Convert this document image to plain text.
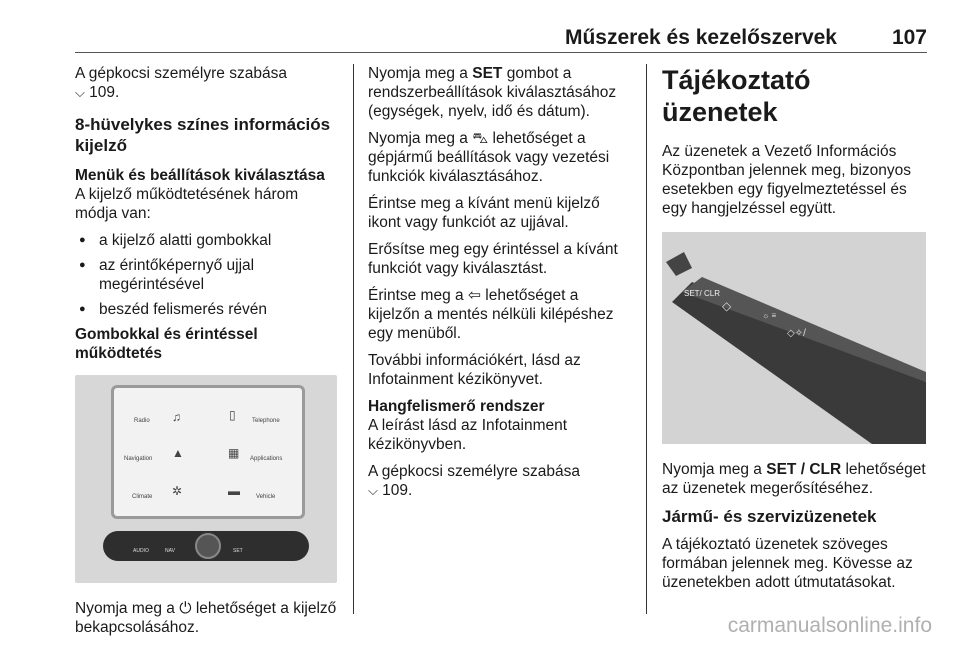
Műszerek és kezelőszervek	107

A gépkocsi személyre szabása
⌵ 109.

8-hüvelykes színes információs kijelző
Menük és beállítások kiválasztása

A kijelző működtetésének három módja van:

● a kijelző alatti gombokkal
● az érintőképernyő ujjal megérintésével
● beszéd felismerés révén
Gombokkal és érintéssel működtetés
Radio ♫	▯	Telephone
Navigation ▲	▦ Applications
Climate ✲	▬	Vehicle
AUDIO	NAV	SET

Nyomja meg a ⏻ lehetőséget a kijelző bekapcsolásához.

Nyomja meg a SET gombot a rendszerbeállítások kiválasztásához (egységek, nyelv, idő és dátum).

Nyomja meg a ⛍ lehetőséget a gépjármű beállítások vagy vezetési funkciók kiválasztásához.

Érintse meg a kívánt menü kijelző ikont vagy funkciót az ujjával.

Erősítse meg egy érintéssel a kívánt funkciót vagy kiválasztást.

Érintse meg a ⇦ lehetőséget a kijelzőn a mentés nélküli kilépéshez egy menüből.

További információkért, lásd az Infotainment kézikönyvet.

Hangfelismerő rendszer

A leírást lásd az Infotainment kézikönyvben.

A gépkocsi személyre szabása
⌵ 109.

Tájékoztató üzenetek

Az üzenetek a Vezető Információs Központban jelennek meg, bizonyos esetekben egy figyelmeztetéssel és egy hangjelzéssel együtt.

SET/ CLR
◇
☼ ≡
◇✧/

Nyomja meg a SET / CLR lehetőséget az üzenetek megerősítéséhez.

Jármű- és szervizüzenetek

A tájékoztató üzenetek szöveges formában jelennek meg. Kövesse az üzenetekben adott útmutatásokat.

carmanualsonline.info
